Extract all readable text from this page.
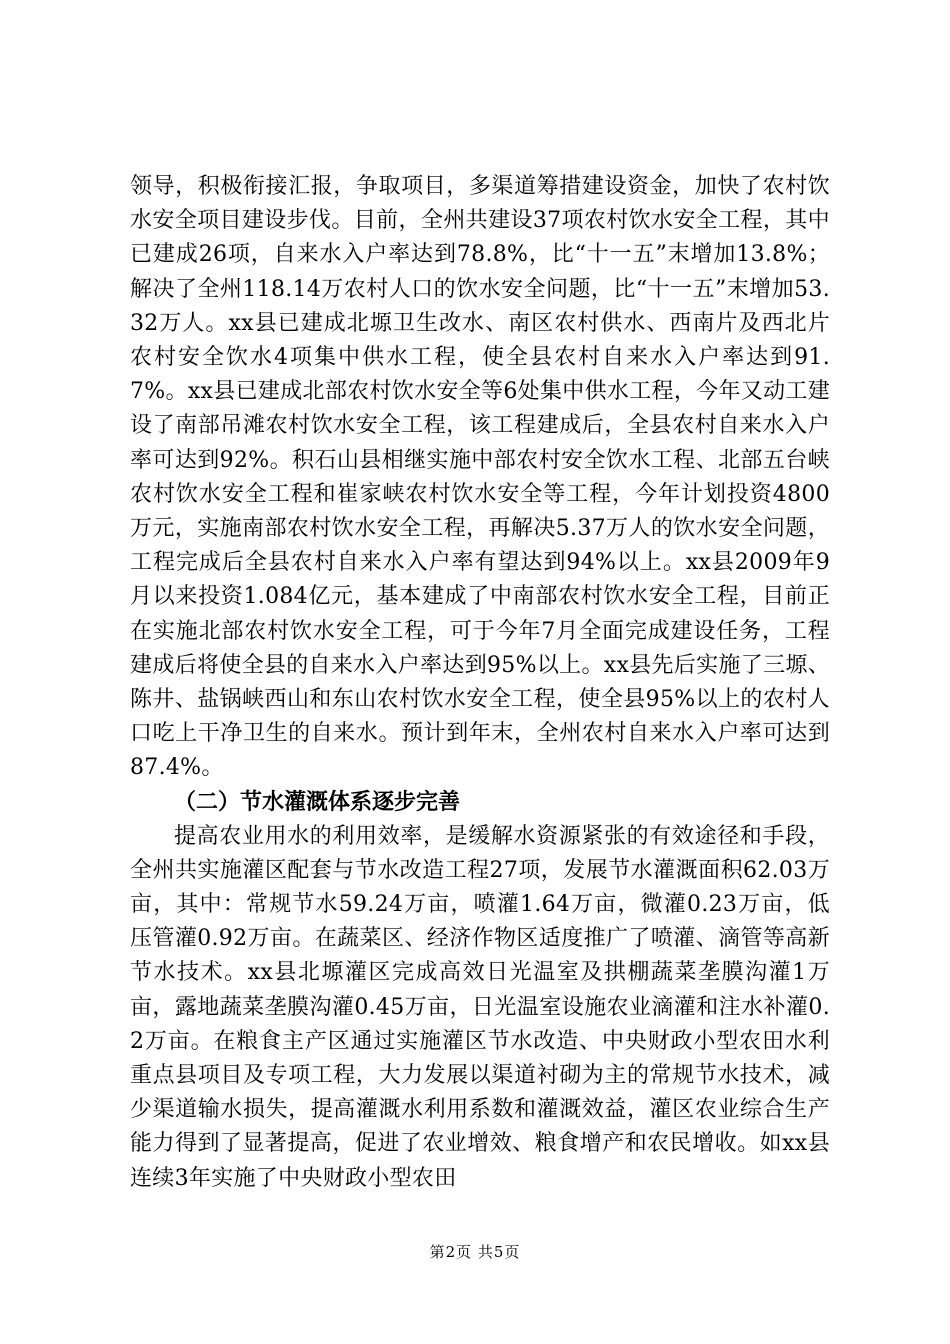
领导，积极衔接汇报，争取项目，多渠道筹措建设资金，加快了农村饮水安全项目建设步伐。目前，全州共建设37项农村饮水安全工程，其中已建成26项，自来水入户率达到78.8%，比“十一五”末增加13.8%；解决了全州118.14万农村人口的饮水安全问题，比“十一五”末增加53.32万人。xx县已建成北塬卫生改水、南区农村供水、西南片及西北片农村安全饮水4项集中供水工程，使全县农村自来水入户率达到91.7%。xx县已建成北部农村饮水安全等6处集中供水工程，今年又动工建设了南部吊滩农村饮水安全工程，该工程建成后，全县农村自来水入户率可达到92%。积石山县相继实施中部农村安全饮水工程、北部五台峡农村饮水安全工程和崔家峡农村饮水安全等工程，今年计划投资4800万元，实施南部农村饮水安全工程，再解决5.37万人的饮水安全问题，工程完成后全县农村自来水入户率有望达到94%以上。xx县2009年9月以来投资1.084亿元，基本建成了中南部农村饮水安全工程，目前正在实施北部农村饮水安全工程，可于今年7月全面完成建设任务，工程建成后将使全县的自来水入户率达到95%以上。xx县先后实施了三塬、陈井、盐锅峡西山和东山农村饮水安全工程，使全县95%以上的农村人口吃上干净卫生的自来水。预计到年末，全州农村自来水入户率可达到87.4%。

（二）节水灌溉体系逐步完善

提高农业用水的利用效率，是缓解水资源紧张的有效途径和手段，全州共实施灌区配套与节水改造工程27项，发展节水灌溉面积62.03万亩，其中：常规节水59.24万亩，喷灌1.64万亩，微灌0.23万亩，低压管灌0.92万亩。在蔬菜区、经济作物区适度推广了喷灌、滴管等高新节水技术。xx县北塬灌区完成高效日光温室及拱棚蔬菜垄膜沟灌1万亩，露地蔬菜垄膜沟灌0.45万亩，日光温室设施农业滴灌和注水补灌0.2万亩。在粮食主产区通过实施灌区节水改造、中央财政小型农田水利重点县项目及专项工程，大力发展以渠道衬砌为主的常规节水技术，减少渠道输水损失，提高灌溉水利用系数和灌溉效益，灌区农业综合生产能力得到了显著提高，促进了农业增效、粮食增产和农民增收。如xx县连续3年实施了中央财政小型农田

第2页 共5页
